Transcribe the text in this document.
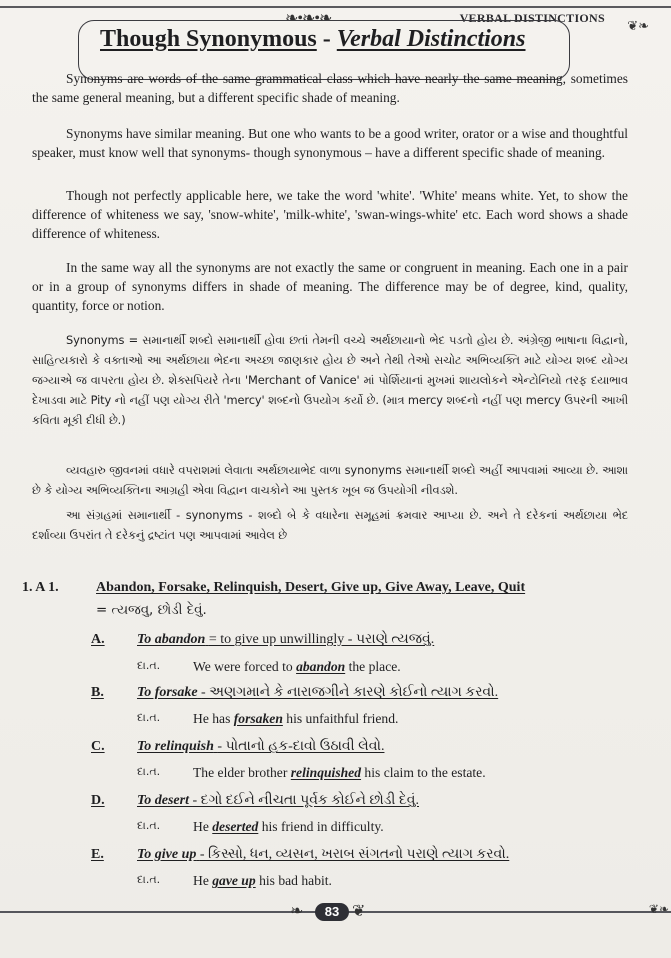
❧•❧•❧	VERBAL DISTINCTIONS ❦❧
Though Synonymous - Verbal Distinctions
Synonyms are words of the same grammatical class which have nearly the same meaning, sometimes the same general meaning, but a different specific shade of meaning.
Synonyms have similar meaning. But one who wants to be a good writer, orator or a wise and thoughtful speaker, must know well that synonyms- though synonymous – have a different specific shade of meaning.
Though not perfectly applicable here, we take the word 'white'. 'White' means white. Yet, to show the difference of whiteness we say, 'snow-white', 'milk-white', 'swan-wings-white' etc. Each word shows a shade difference of whiteness.
In the same way all the synonyms are not exactly the same or congruent in meaning. Each one in a pair or in a group of synonyms differs in shade of meaning. The difference may be of degree, kind, quality, quantity, force or notion.
Synonyms = સમાનાર્થી શબ્દો સમાનાર્થી હોવા છતાં તેમની વચ્ચે અર્થછાયાનો ભેદ પડતો હોય છે. અંગ્રેજી ભાષાના વિદ્વાનો, સાહિત્યકારો કે વક્તાઓ આ અર્થછાયા ભેદના અચ્છા જાણકાર હોય છે અને તેથી તેઓ સચોટ અભિવ્યક્તિ માટે યોગ્ય શબ્દ યોગ્ય જગ્યાએ જ વાપરતા હોય છે. શેક્સપિયરે તેના 'Merchant of Vanice' માં પોર્શિયાનાં મુખમાં શાયલોકને એન્ટોનિયો તરફ દયાભાવ દેખાડવા માટે Pity નો નહીં પણ યોગ્ય રીતે 'mercy' શબ્દનો ઉપયોગ કર્યો છે. (માત્ર mercy શબ્દનો નહીં પણ mercy ઉપરની આખી કવિતા મૂકી દીધી છે.)
વ્યવહારુ જીવનમાં વધારે વપરાશમાં લેવાતા અર્થછાયાભેદ વાળા synonyms સમાનાર્થી શબ્દો અહીં આપવામાં આવ્યા છે. આશા છે કે યોગ્ય અભિવ્યક્તિના આગ્રહી એવા વિદ્વાન વાચકોને આ પુસ્તક ખૂબ જ ઉપયોગી નીવડશે.
આ સંગ્રહમાં સમાનાર્થી - synonyms - શબ્દો બે કે વધારેના સમૂહમાં ક્રમવાર આપ્યા છે. અને તે દરેકનાં અર્થછાયા ભેદ દર્શાવ્યા ઉપરાંત તે દરેકનું દ્રષ્ટાંત પણ આપવામાં આવેલ છે
1. A 1.	Abandon, Forsake, Relinquish, Desert, Give up, Give Away, Leave, Quit
= ત્યજવુ, છોડી દેવું.
A. To abandon = to give up unwillingly - પરાણે ત્યજવું.
દા.ત. We were forced to abandon the place.
B. To forsake - અણગમાને કે નારાજગીને કારણે કોઈનો ત્યાગ કરવો.
દા.ત. He has forsaken his unfaithful friend.
C. To relinquish - પોતાનો હક-દાવો ઉઠાવી લેવો.
દા.ત. The elder brother relinquished his claim to the estate.
D. To desert - દગો દઈને નીચતા પૂર્વક કોઈને છોડી દેવું.
દા.ત. He deserted his friend in difficulty.
E. To give up - કિસ્સો, ધન, વ્યસન, ખરાબ સંગતનો પરાણે ત્યાગ કરવો.
દા.ત. He gave up his bad habit.
❧	83 ❦	❦❧
